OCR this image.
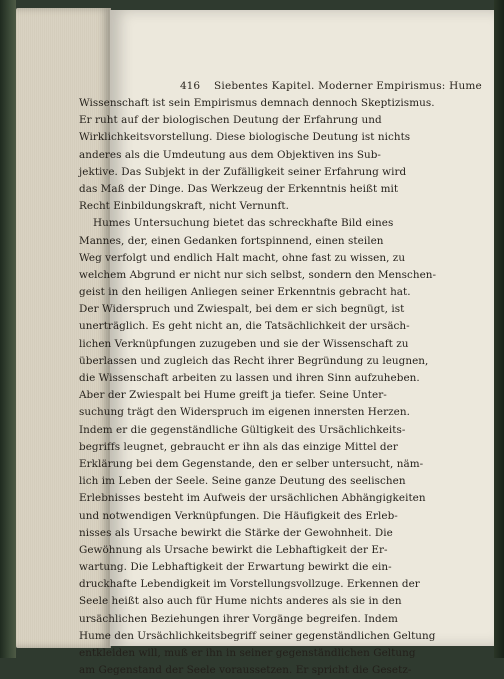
416 Siebentes Kapitel. Moderner Empirismus: Hume
Wissenschaft ist sein Empirismus demnach dennoch Skeptizismus.
Er ruht auf der biologischen Deutung der Erfahrung und
Wirklichkeitsvorstellung. Diese biologische Deutung ist nichts
anderes als die Umdeutung aus dem Objektiven ins Sub-
jektive. Das Subjekt in der Zufälligkeit seiner Erfahrung wird
das Maß der Dinge. Das Werkzeug der Erkenntnis heißt mit
Recht Einbildungskraft, nicht Vernunft.
Humes Untersuchung bietet das schreckhafte Bild eines
Mannes, der, einen Gedanken fortspinnend, einen steilen
Weg verfolgt und endlich Halt macht, ohne fast zu wissen, zu
welchem Abgrund er nicht nur sich selbst, sondern den Menschen-
geist in den heiligen Anliegen seiner Erkenntnis gebracht hat.
Der Widerspruch und Zwiespalt, bei dem er sich begnügt, ist
unerträglich. Es geht nicht an, die Tatsächlichkeit der ursäch-
lichen Verknüpfungen zuzugeben und sie der Wissenschaft zu
überlassen und zugleich das Recht ihrer Begründung zu leugnen,
die Wissenschaft arbeiten zu lassen und ihren Sinn aufzuheben.
Aber der Zwiespalt bei Hume greift ja tiefer. Seine Unter-
suchung trägt den Widerspruch im eigenen innersten Herzen.
Indem er die gegenständliche Gültigkeit des Ursächlichkeits-
begriffs leugnet, gebraucht er ihn als das einzige Mittel der
Erklärung bei dem Gegenstande, den er selber untersucht, näm-
lich im Leben der Seele. Seine ganze Deutung des seelischen
Erlebnisses besteht im Aufweis der ursächlichen Abhängigkeiten
und notwendigen Verknüpfungen. Die Häufigkeit des Erleb-
nisses als Ursache bewirkt die Stärke der Gewohnheit. Die
Gewöhnung als Ursache bewirkt die Lebhaftigkeit der Er-
wartung. Die Lebhaftigkeit der Erwartung bewirkt die ein-
druckhafte Lebendigkeit im Vorstellungsvollzuge. Erkennen der
Seele heißt also auch für Hume nichts anderes als sie in den
ursächlichen Beziehungen ihrer Vorgänge begreifen. Indem
Hume den Ursächlichkeitsbegriff seiner gegenständlichen Geltung
entkleiden will, muß er ihn in seiner gegenständlichen Geltung
am Gegenstand der Seele voraussetzen. Er spricht die Gesetz-
